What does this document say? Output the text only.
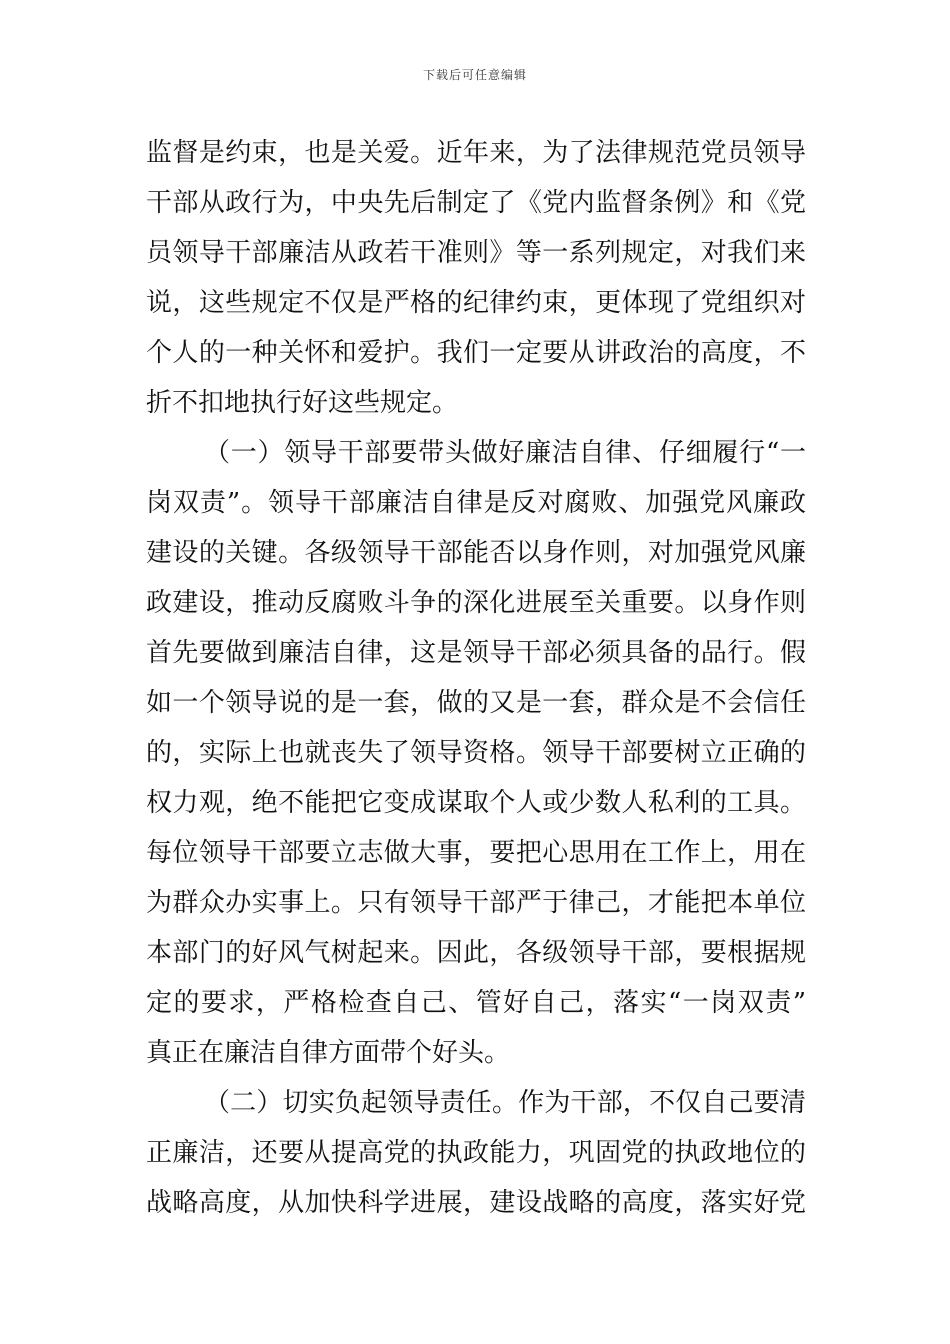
下载后可任意编辑
监督是约束，也是关爱。近年来，为了法律规范党员领导
干部从政行为，中央先后制定了《党内监督条例》和《党
员领导干部廉洁从政若干准则》等一系列规定，对我们来
说，这些规定不仅是严格的纪律约束，更体现了党组织对
个人的一种关怀和爱护。我们一定要从讲政治的高度，不
折不扣地执行好这些规定。
（一）领导干部要带头做好廉洁自律、仔细履行“一
岗双责”。领导干部廉洁自律是反对腐败、加强党风廉政
建设的关键。各级领导干部能否以身作则，对加强党风廉
政建设，推动反腐败斗争的深化进展至关重要。以身作则
首先要做到廉洁自律，这是领导干部必须具备的品行。假
如一个领导说的是一套，做的又是一套，群众是不会信任
的，实际上也就丧失了领导资格。领导干部要树立正确的
权力观，绝不能把它变成谋取个人或少数人私利的工具。
每位领导干部要立志做大事，要把心思用在工作上，用在
为群众办实事上。只有领导干部严于律己，才能把本单位
本部门的好风气树起来。因此，各级领导干部，要根据规
定的要求，严格检查自己、管好自己，落实“一岗双责”
真正在廉洁自律方面带个好头。
（二）切实负起领导责任。作为干部，不仅自己要清
正廉洁，还要从提高党的执政能力，巩固党的执政地位的
战略高度，从加快科学进展，建设战略的高度，落实好党
